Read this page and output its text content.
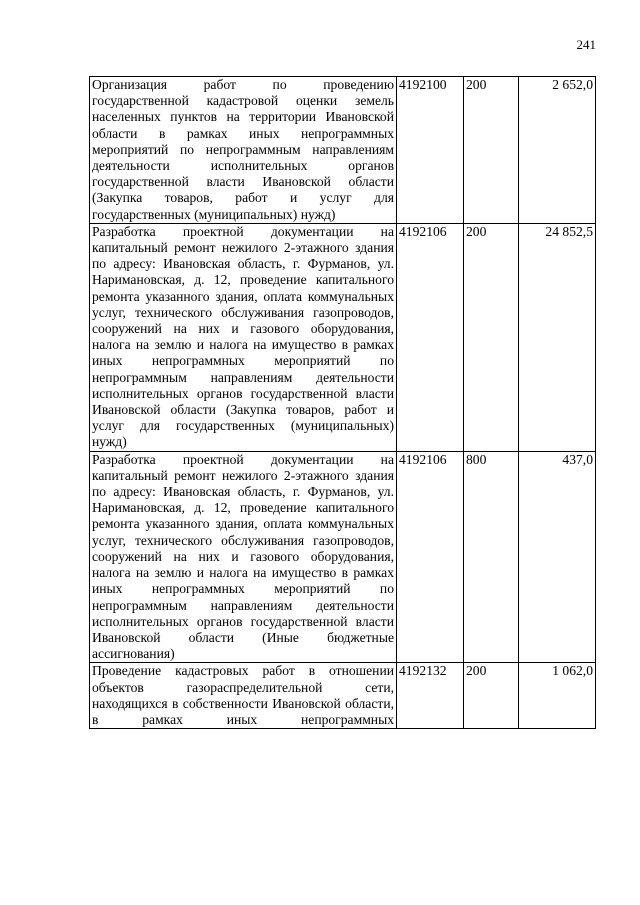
241
Организация работ по проведению государственной кадастровой оценки земель населенных пунктов на территории Ивановской области в рамках иных непрограммных мероприятий по непрограммным направлениям деятельности исполнительных органов государственной власти Ивановской области (Закупка товаров, работ и услуг для государственных (муниципальных) нужд)	4192100	200	2 652,0
Разработка проектной документации на капитальный ремонт нежилого 2-этажного здания по адресу: Ивановская область, г. Фурманов, ул. Наримановская, д. 12, проведение капитального ремонта указанного здания, оплата коммунальных услуг, технического обслуживания газопроводов, сооружений на них и газового оборудования, налога на землю и налога на имущество в рамках иных непрограммных мероприятий по непрограммным направлениям деятельности исполнительных органов государственной власти Ивановской области (Закупка товаров, работ и услуг для государственных (муниципальных) нужд)	4192106	200	24 852,5
Разработка проектной документации на капитальный ремонт нежилого 2-этажного здания по адресу: Ивановская область, г. Фурманов, ул. Наримановская, д. 12, проведение капитального ремонта указанного здания, оплата коммунальных услуг, технического обслуживания газопроводов, сооружений на них и газового оборудования, налога на землю и налога на имущество в рамках иных непрограммных мероприятий по непрограммным направлениям деятельности исполнительных органов государственной власти Ивановской области (Иные бюджетные ассигнования)	4192106	800	437,0
Проведение кадастровых работ в отношении объектов газораспределительной сети, находящихся в собственности Ивановской области, в рамках иных непрограммных	4192132	200	1 062,0
